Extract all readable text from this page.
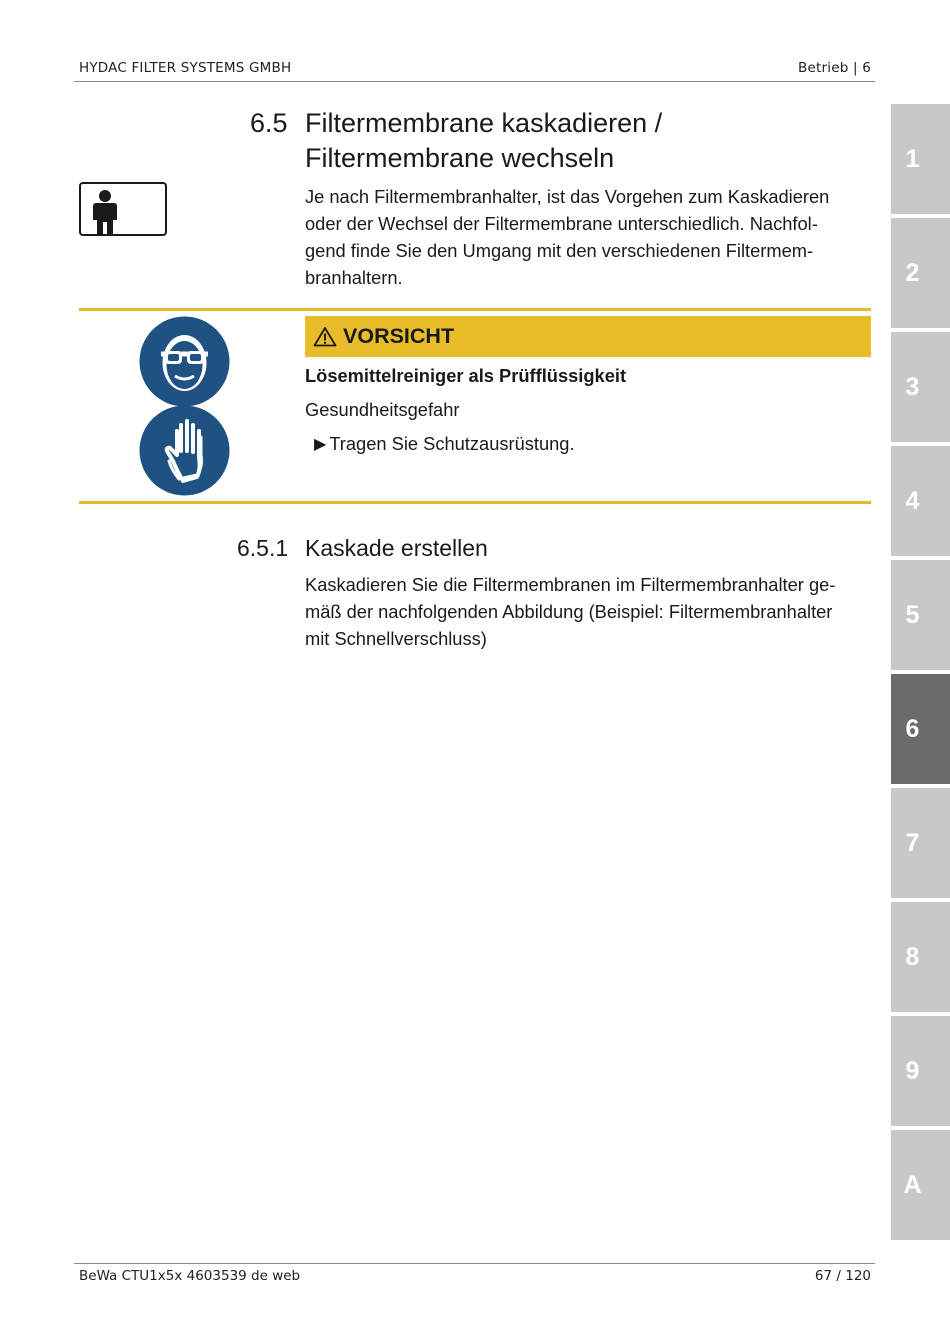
HYDAC FILTER SYSTEMS GMBH	Betrieb | 6
6.5 Filtermembrane kaskadieren /
Filtermembrane wechseln

Je nach Filtermembranhalter, ist das Vorgehen zum Kaskadieren
oder der Wechsel der Filtermembrane unterschiedlich. Nachfol-
gend finde Sie den Umgang mit den verschiedenen Filtermem-
branhaltern.

VORSICHT
Lösemittelreiniger als Prüfflüssigkeit
Gesundheitsgefahr
▶ Tragen Sie Schutzausrüstung.
6.5.1 Kaskade erstellen

Kaskadieren Sie die Filtermembranen im Filtermembranhalter ge-
mäß der nachfolgenden Abbildung (Beispiel: Filtermembranhalter
mit Schnellverschluss)

1
2
3
4
5
6
7
8
9
A
BeWa CTU1x5x 4603539 de web	67 / 120
